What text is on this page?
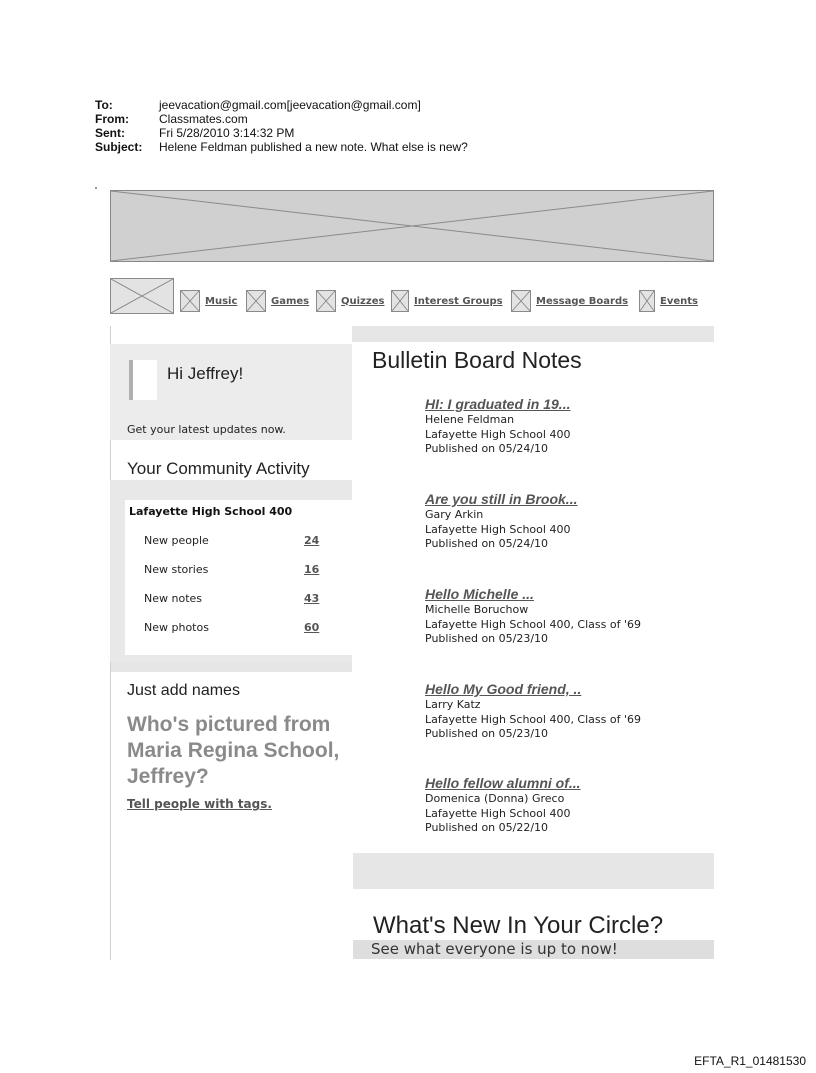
To:	jeevacation@gmail.com[jeevacation@gmail.com]
From:	Classmates.com
Sent:	Fri 5/28/2010 3:14:32 PM
Subject:	Helene Feldman published a new note. What else is new?
Music	Games	Quizzes	Interest Groups	Message Boards	Events
Hi Jeffrey!
Get your latest updates now.
Your Community Activity
Lafayette High School 400
New people	24
New stories	16
New notes	43
New photos	60
Just add names
Who's pictured from Maria Regina School, Jeffrey?
Tell people with tags.
Bulletin Board Notes
HI: I graduated in 19...
Helene Feldman
Lafayette High School 400
Published on 05/24/10
Are you still in Brook...
Gary Arkin
Lafayette High School 400
Published on 05/24/10
Hello Michelle ...
Michelle Boruchow
Lafayette High School 400, Class of '69
Published on 05/23/10
Hello My Good friend, ..
Larry Katz
Lafayette High School 400, Class of '69
Published on 05/23/10
Hello fellow alumni of...
Domenica (Donna) Greco
Lafayette High School 400
Published on 05/22/10
What's New In Your Circle?
See what everyone is up to now!
EFTA_R1_01481530
